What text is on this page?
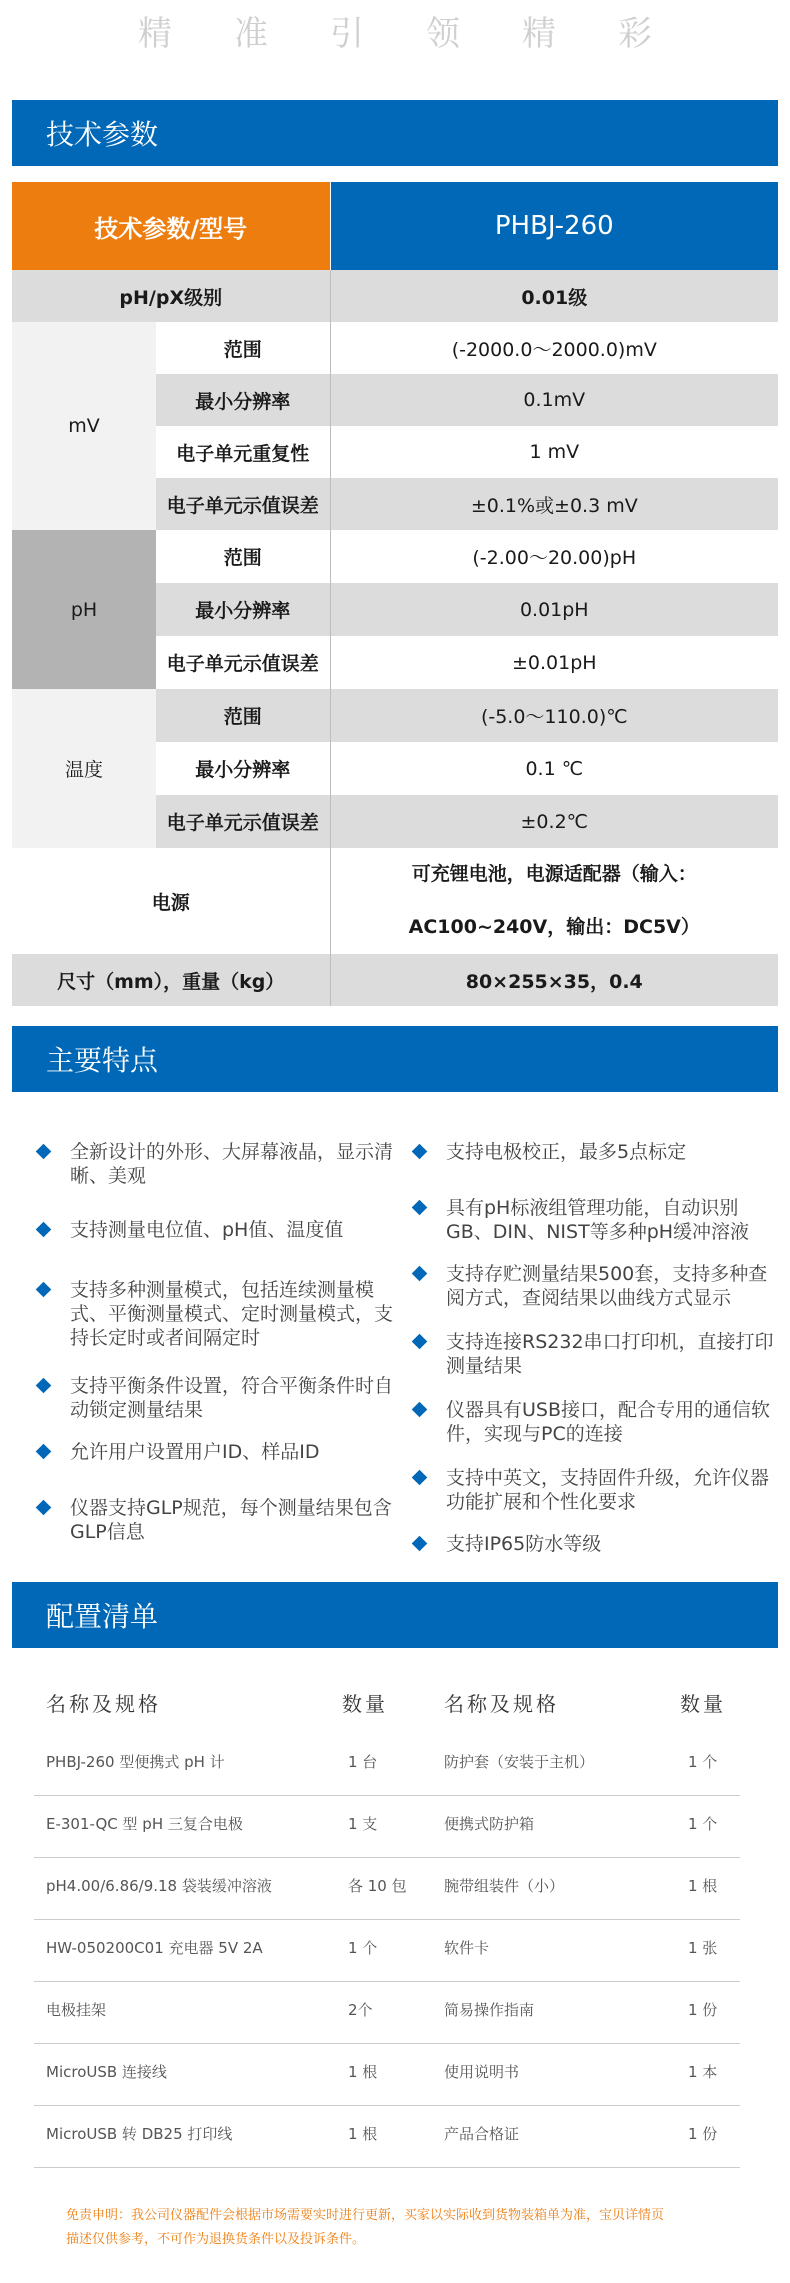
精 准 引 领 精 彩
技术参数
技术参数/型号		PHBJ-260
pH/pX级别		0.01级
mV	范围	(-2000.0～2000.0)mV
	最小分辨率	0.1mV
	电子单元重复性	1 mV
	电子单元示值误差	±0.1%或±0.3 mV
pH	范围	(-2.00～20.00)pH
	最小分辨率	0.01pH
	电子单元示值误差	±0.01pH
温度	范围	(-5.0～110.0)℃
	最小分辨率	0.1 ℃
	电子单元示值误差	±0.2℃
电源		可充锂电池，电源适配器（输入：
AC100~240V，输出：DC5V）

尺寸（mm），重量（kg）		80×255×35，0.4
主要特点
全新设计的外形、大屏幕液晶，显示清晰、美观
支持测量电位值、pH值、温度值
支持多种测量模式，包括连续测量模式、平衡测量模式、定时测量模式，支持长定时或者间隔定时
支持平衡条件设置，符合平衡条件时自动锁定测量结果
允许用户设置用户ID、样品ID
仪器支持GLP规范，每个测量结果包含GLP信息
支持电极校正，最多5点标定
具有pH标液组管理功能，自动识别GB、DIN、NIST等多种pH缓冲溶液
支持存贮测量结果500套，支持多种查阅方式，查阅结果以曲线方式显示
支持连接RS232串口打印机，直接打印测量结果
仪器具有USB接口，配合专用的通信软件，实现与PC的连接
支持中英文，支持固件升级，允许仪器功能扩展和个性化要求
支持IP65防水等级
配置清单
名称及规格	数量	名称及规格	数量
PHBJ-260 型便携式 pH 计	1 台	防护套（安装于主机）	1 个
E-301-QC 型 pH 三复合电极	1 支	便携式防护箱	1 个
pH4.00/6.86/9.18 袋装缓冲溶液	各 10 包 腕带组装件（小）	1 根
HW-050200C01 充电器 5V 2A	1 个	软件卡	1 张
电极挂架	2个	简易操作指南	1 份
MicroUSB 连接线	1 根	使用说明书	1 本
MicroUSB 转 DB25 打印线	1 根	产品合格证	1 份
免责申明：我公司仪器配件会根据市场需要实时进行更新，买家以实际收到货物装箱单为准，宝贝详情页
描述仅供参考，不可作为退换货条件以及投诉条件。
